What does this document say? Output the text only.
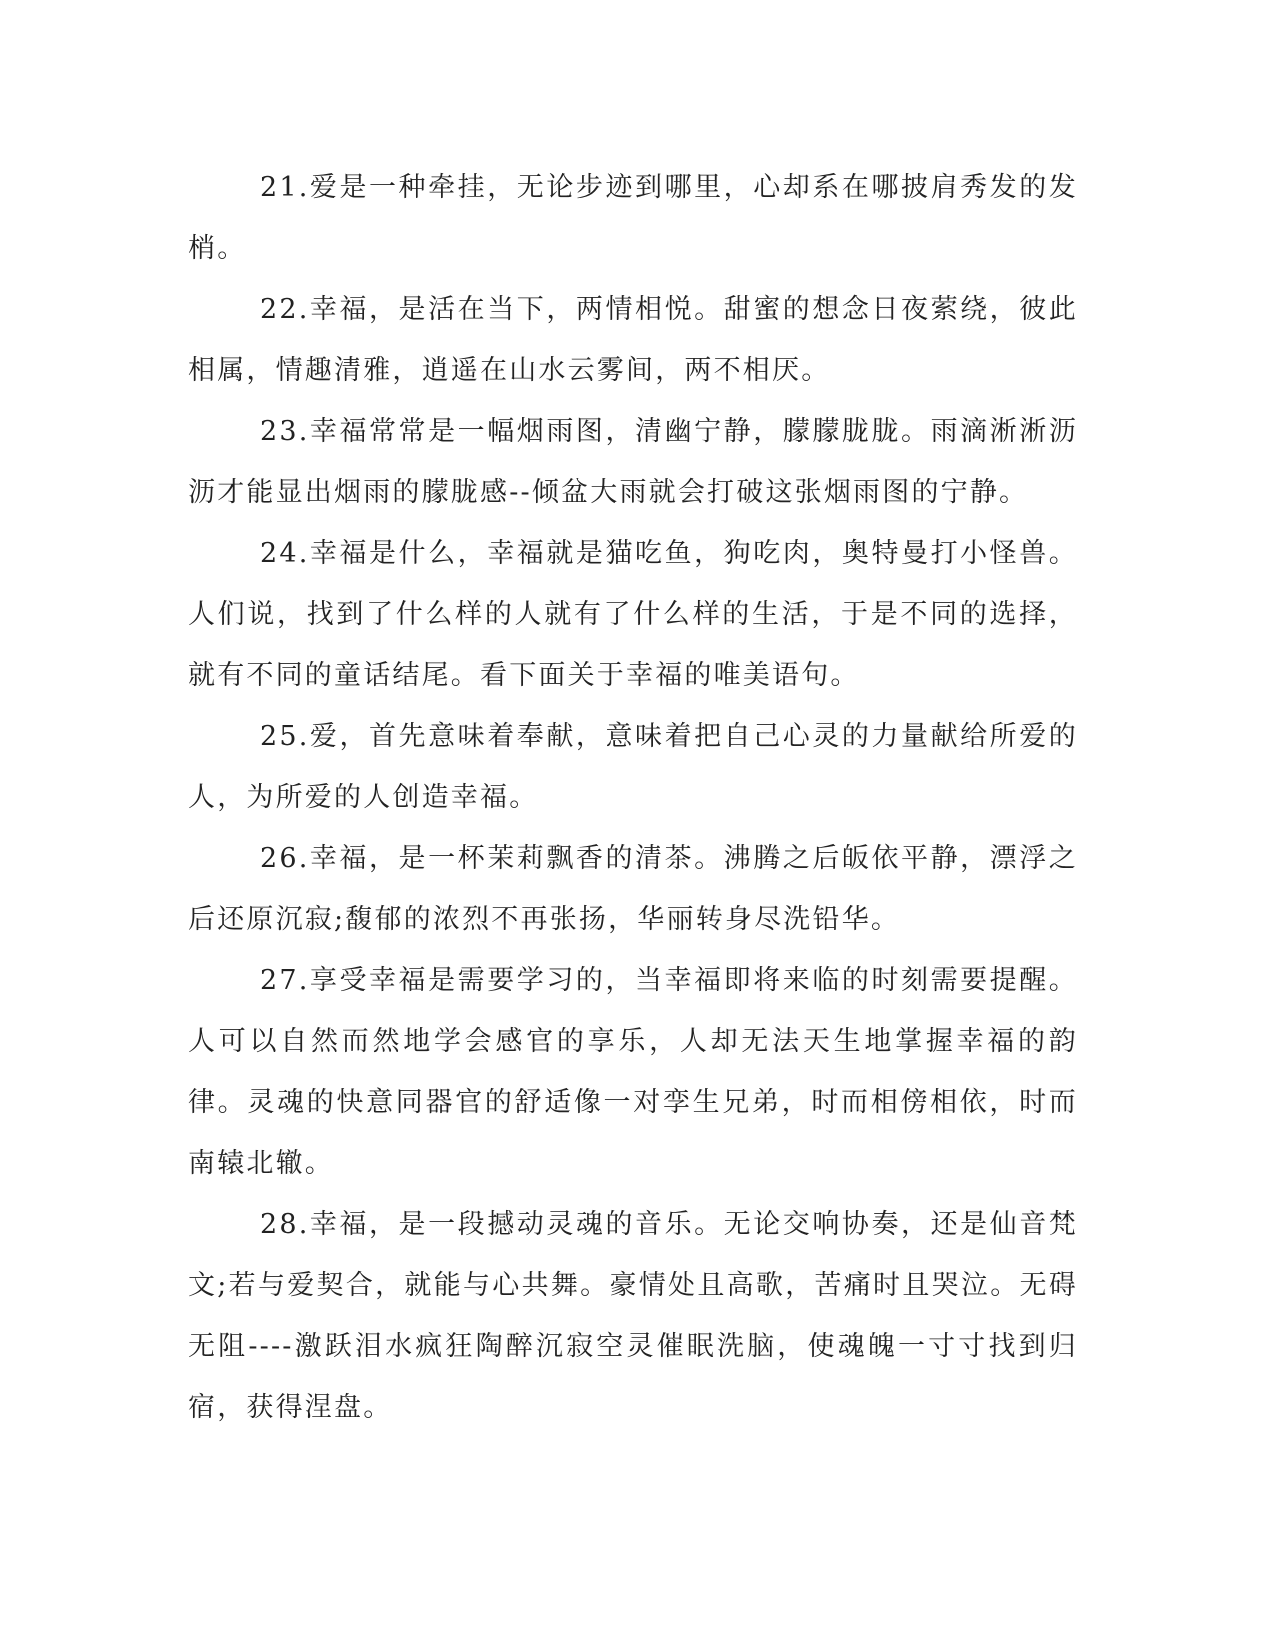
21.爱是一种牵挂，无论步迹到哪里，心却系在哪披肩秀发的发梢。

22.幸福，是活在当下，两情相悦。甜蜜的想念日夜萦绕，彼此相属，情趣清雅，逍遥在山水云雾间，两不相厌。

23.幸福常常是一幅烟雨图，清幽宁静，朦朦胧胧。雨滴淅淅沥沥才能显出烟雨的朦胧感--倾盆大雨就会打破这张烟雨图的宁静。

24.幸福是什么，幸福就是猫吃鱼，狗吃肉，奥特曼打小怪兽。人们说，找到了什么样的人就有了什么样的生活，于是不同的选择，就有不同的童话结尾。看下面关于幸福的唯美语句。

25.爱，首先意味着奉献，意味着把自己心灵的力量献给所爱的人，为所爱的人创造幸福。

26.幸福，是一杯茉莉飘香的清茶。沸腾之后皈依平静，漂浮之后还原沉寂;馥郁的浓烈不再张扬，华丽转身尽洗铅华。

27.享受幸福是需要学习的，当幸福即将来临的时刻需要提醒。人可以自然而然地学会感官的享乐，人却无法天生地掌握幸福的韵律。灵魂的快意同器官的舒适像一对孪生兄弟，时而相傍相依，时而南辕北辙。

28.幸福，是一段撼动灵魂的音乐。无论交响协奏，还是仙音梵文;若与爱契合，就能与心共舞。豪情处且高歌，苦痛时且哭泣。无碍无阻----激跃泪水疯狂陶醉沉寂空灵催眠洗脑，使魂魄一寸寸找到归宿，获得涅盘。
